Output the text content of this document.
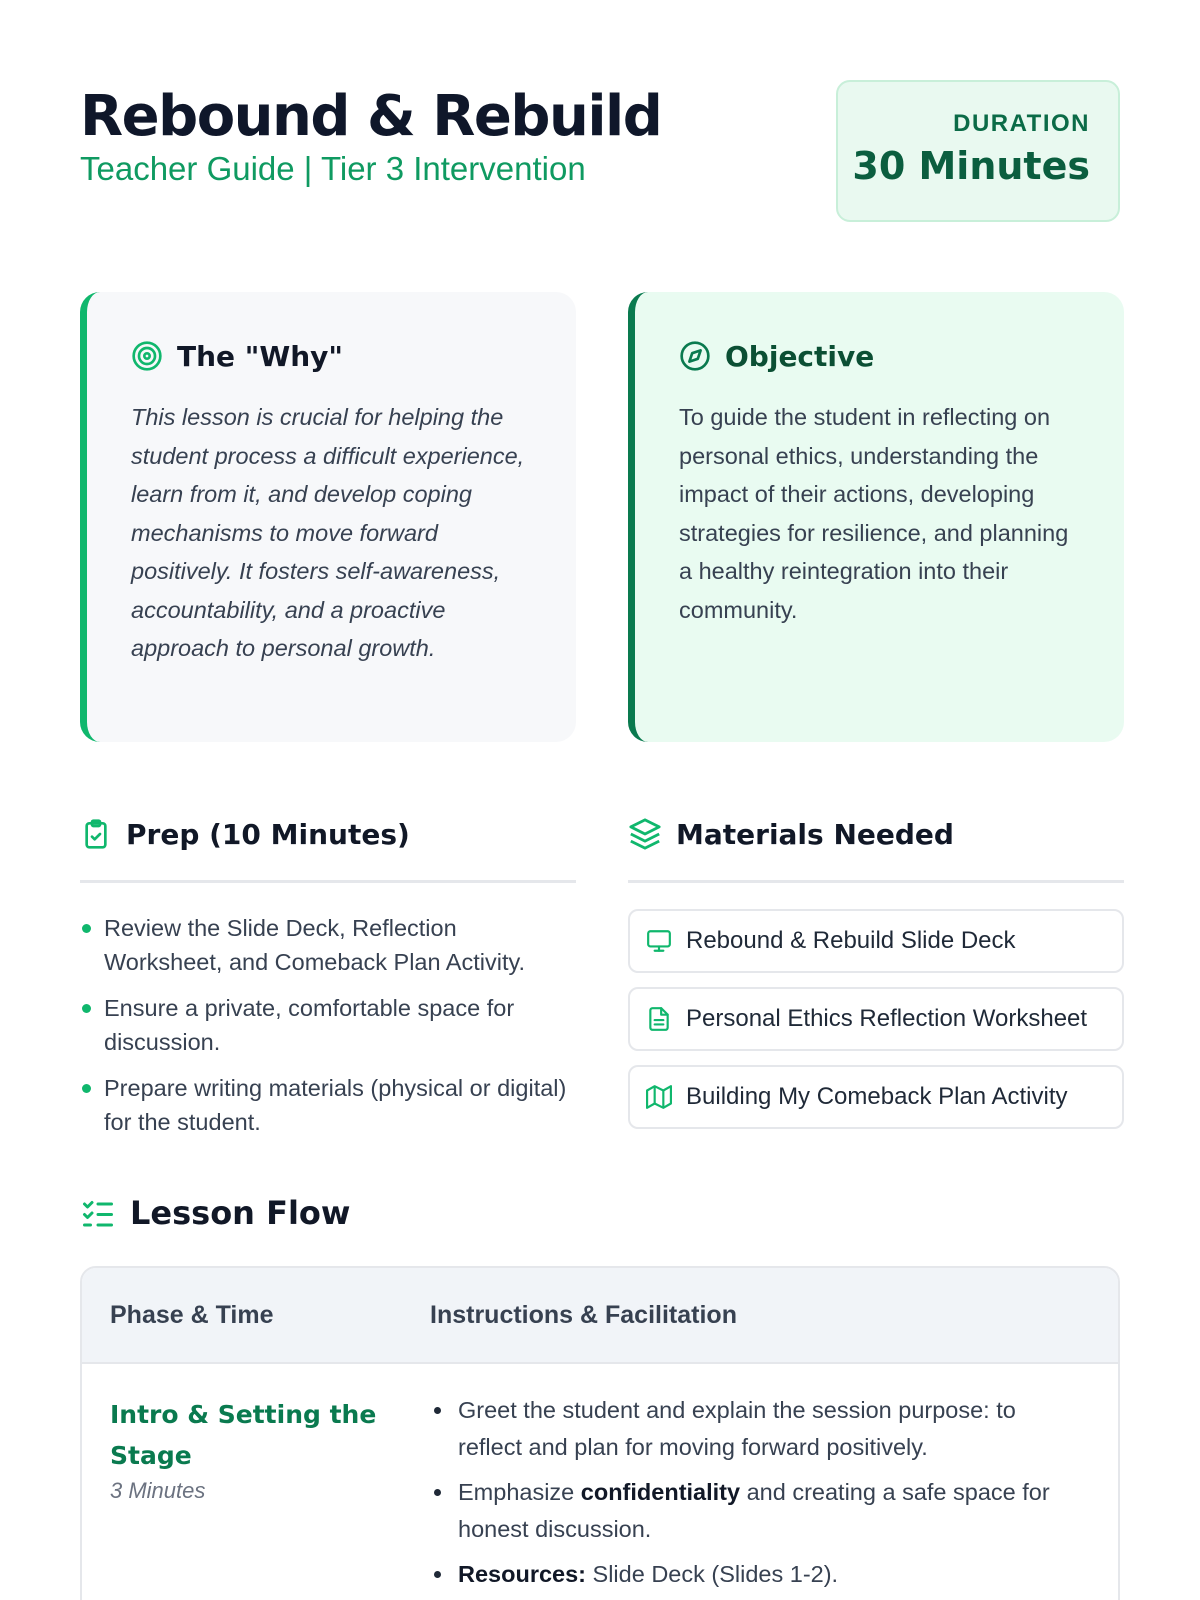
Rebound & Rebuild
Teacher Guide | Tier 3 Intervention
DURATION
30 Minutes
The "Why"

This lesson is crucial for helping the student process a difficult experience, learn from it, and develop coping mechanisms to move forward positively. It fosters self-awareness, accountability, and a proactive approach to personal growth.

Objective

To guide the student in reflecting on personal ethics, understanding the impact of their actions, developing strategies for resilience, and planning a healthy reintegration into their community.

Prep (10 Minutes)
Review the Slide Deck, Reflection Worksheet, and Comeback Plan Activity.
Ensure a private, comfortable space for discussion.
Prepare writing materials (physical or digital) for the student.
Materials Needed
Rebound & Rebuild Slide Deck
Personal Ethics Reflection Worksheet
Building My Comeback Plan Activity
Lesson Flow
Phase & Time	Instructions & Facilitation
Intro & Setting the Stage
3 Minutes
Greet the student and explain the session purpose: to reflect and plan for moving forward positively.
Emphasize confidentiality and creating a safe space for honest discussion.
Resources: Slide Deck (Slides 1-2).
